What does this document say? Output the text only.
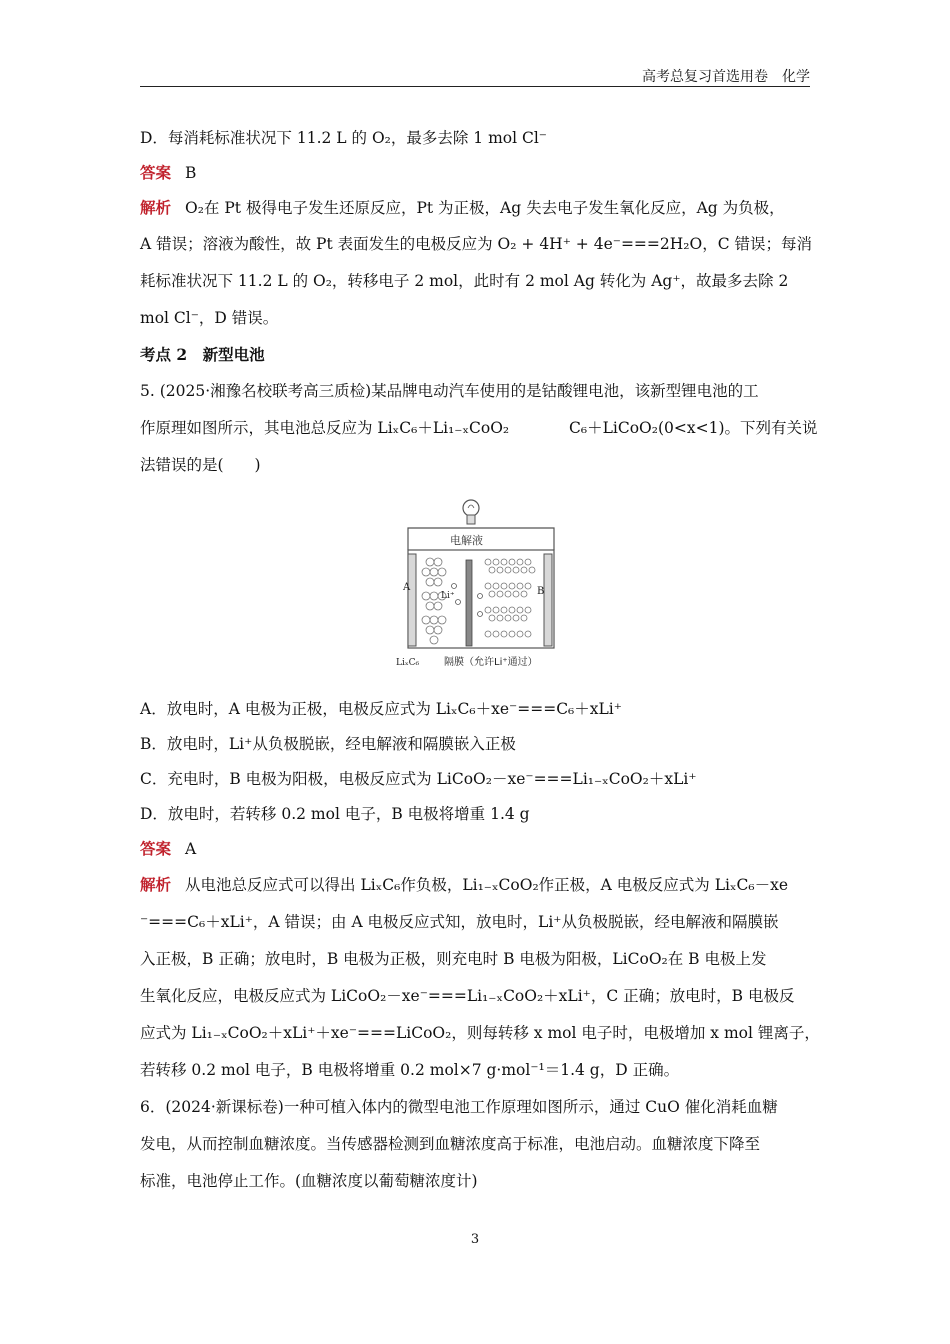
高考总复习首选用卷　化学
D．每消耗标准状况下 11.2 L 的 O₂，最多去除 1 mol Cl⁻
答案 B
解析 O₂在 Pt 极得电子发生还原反应，Pt 为正极，Ag 失去电子发生氧化反应，Ag 为负极，
A 错误；溶液为酸性，故 Pt 表面发生的电极反应为 O₂ + 4H⁺ + 4e⁻===2H₂O，C 错误；每消
耗标准状况下 11.2 L 的 O₂，转移电子 2 mol，此时有 2 mol Ag 转化为 Ag⁺，故最多去除 2
mol Cl⁻，D 错误。
考点 2　新型电池
5. (2025·湘豫名校联考高三质检)某品牌电动汽车使用的是钴酸锂电池，该新型锂电池的工
作原理如图所示，其电池总反应为 LiₓC₆＋Li₁₋ₓCoO₂	C₆＋LiCoO₂(0<x<1)。下列有关说
法错误的是(　　)
电解液
A	B
Li⁺
LiₓC₆ 隔膜（允许Li⁺通过）
A．放电时，A 电极为正极，电极反应式为 LiₓC₆＋xe⁻===C₆＋xLi⁺
B．放电时，Li⁺从负极脱嵌，经电解液和隔膜嵌入正极
C．充电时，B 电极为阳极，电极反应式为 LiCoO₂－xe⁻===Li₁₋ₓCoO₂＋xLi⁺
D．放电时，若转移 0.2 mol 电子，B 电极将增重 1.4 g
答案 A
解析 从电池总反应式可以得出 LiₓC₆作负极，Li₁₋ₓCoO₂作正极，A 电极反应式为 LiₓC₆－xe
⁻===C₆＋xLi⁺，A 错误；由 A 电极反应式知，放电时，Li⁺从负极脱嵌，经电解液和隔膜嵌
入正极，B 正确；放电时，B 电极为正极，则充电时 B 电极为阳极，LiCoO₂在 B 电极上发
生氧化反应，电极反应式为 LiCoO₂－xe⁻===Li₁₋ₓCoO₂＋xLi⁺，C 正确；放电时，B 电极反
应式为 Li₁₋ₓCoO₂＋xLi⁺＋xe⁻===LiCoO₂，则每转移 x mol 电子时，电极增加 x mol 锂离子，
若转移 0.2 mol 电子，B 电极将增重 0.2 mol×7 g·mol⁻¹＝1.4 g，D 正确。
6．(2024·新课标卷)一种可植入体内的微型电池工作原理如图所示，通过 CuO 催化消耗血糖
发电，从而控制血糖浓度。当传感器检测到血糖浓度高于标准，电池启动。血糖浓度下降至
标准，电池停止工作。(血糖浓度以葡萄糖浓度计)
3
